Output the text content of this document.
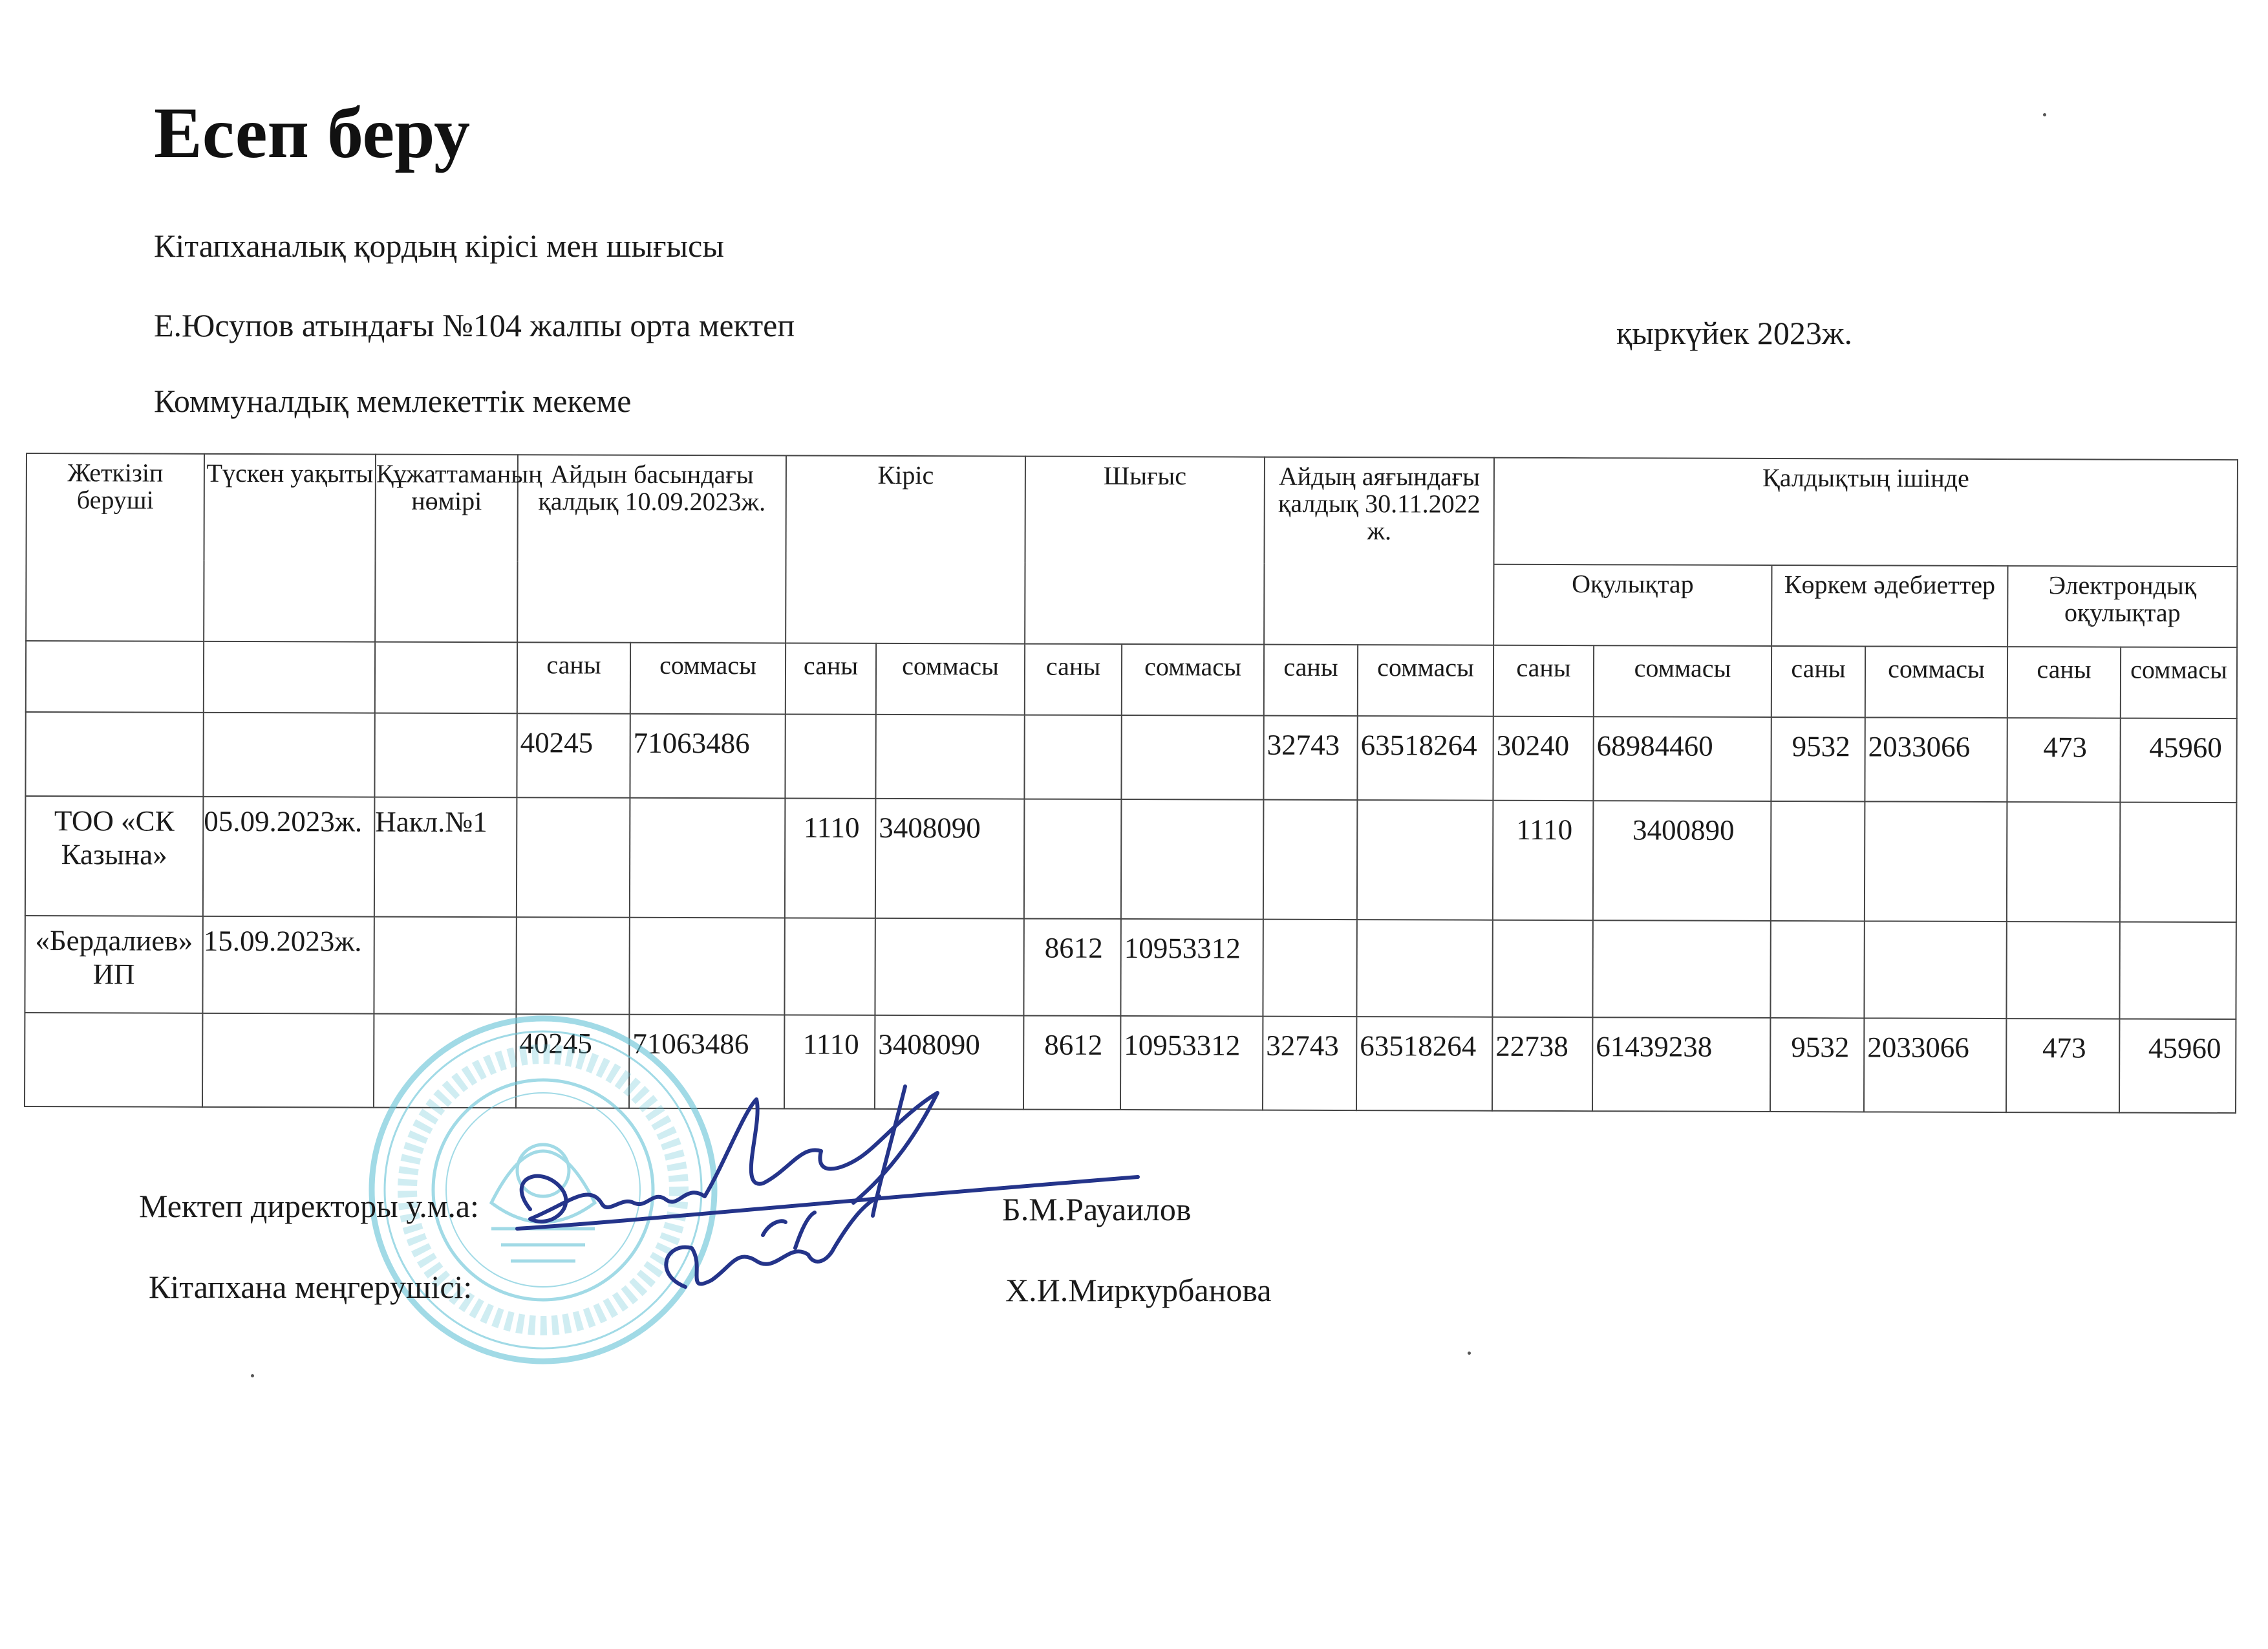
Есеп беру
Кітапханалық қордың кірісі мен шығысы
Е.Юсупов атындағы №104 жалпы орта мектеп	қыркүйек 2023ж.
Коммуналдық мемлекеттік мекеме
Жеткізіп беруші	Түскен уақыты	Құжаттаманың нөмірі	Айдын басындағы қалдық 10.09.2023ж.		Кіріс		Шығыс		Айдың аяғындағы қалдық 30.11.2022 ж.		Қалдықтың ішінде					
											Оқулықтар		Көркем әдебиеттер		Электрондық оқулықтар	
			саны	соммасы	саны	соммасы	саны	соммасы	саны	соммасы	саны	соммасы	саны	соммасы	саны	соммасы
			40245	71063486					32743	63518264	30240	68984460	9532	2033066	473	45960
ТОО «СК Казына»	05.09.2023ж.	Накл.№1			1110	3408090					1110	3400890				
«Бердалиев» ИП	15.09.2023ж.						8612	10953312								
			40245	71063486	1110	3408090	8612	10953312	32743	63518264	22738	61439238	9532	2033066	473	45960
Мектеп директоры у.м.а:	Б.М.Рауаилов
Кітапхана меңгерушісі:	Х.И.Миркурбанова
